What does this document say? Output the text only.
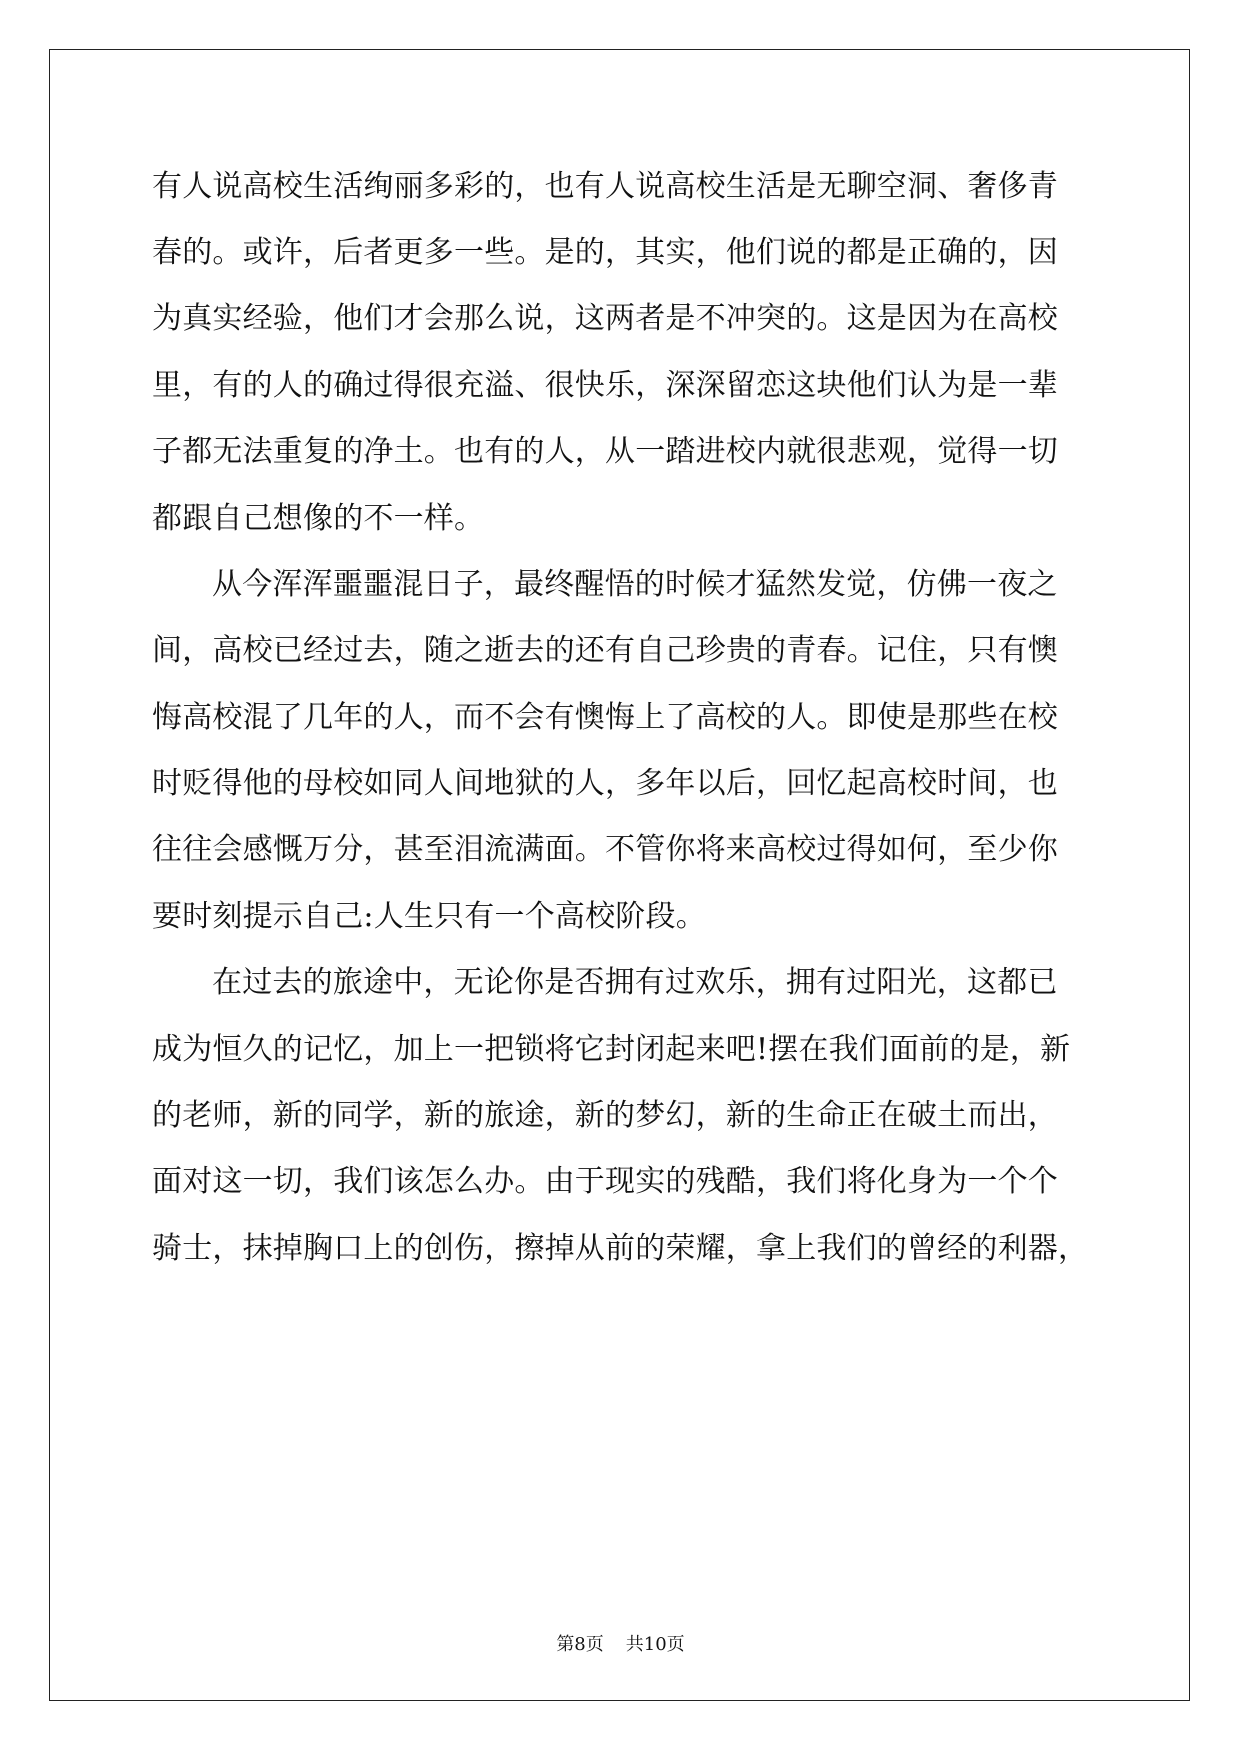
有人说高校生活绚丽多彩的，也有人说高校生活是无聊空洞、奢侈青
春的。或许，后者更多一些。是的，其实，他们说的都是正确的，因
为真实经验，他们才会那么说，这两者是不冲突的。这是因为在高校
里，有的人的确过得很充溢、很快乐，深深留恋这块他们认为是一辈
子都无法重复的净土。也有的人，从一踏进校内就很悲观，觉得一切
都跟自己想像的不一样。
从今浑浑噩噩混日子，最终醒悟的时候才猛然发觉，仿佛一夜之
间，高校已经过去，随之逝去的还有自己珍贵的青春。记住，只有懊
悔高校混了几年的人，而不会有懊悔上了高校的人。即使是那些在校
时贬得他的母校如同人间地狱的人，多年以后，回忆起高校时间，也
往往会感慨万分，甚至泪流满面。不管你将来高校过得如何，至少你
要时刻提示自己:人生只有一个高校阶段。
在过去的旅途中，无论你是否拥有过欢乐，拥有过阳光，这都已
成为恒久的记忆，加上一把锁将它封闭起来吧!摆在我们面前的是，新
的老师，新的同学，新的旅途，新的梦幻，新的生命正在破土而出，
面对这一切，我们该怎么办。由于现实的残酷，我们将化身为一个个
骑士，抹掉胸口上的创伤，擦掉从前的荣耀，拿上我们的曾经的利器，
第8页 共10页
